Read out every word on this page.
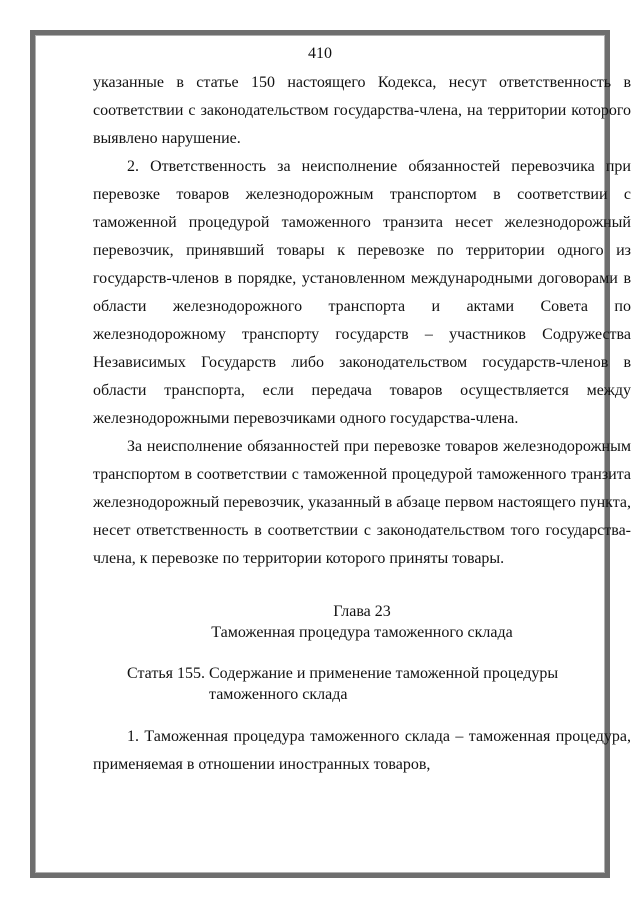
410

указанные в статье 150 настоящего Кодекса, несут ответственность в соответствии с законодательством государства-члена, на территории которого выявлено нарушение.

2. Ответственность за неисполнение обязанностей перевозчика при перевозке товаров железнодорожным транспортом в соответствии с таможенной процедурой таможенного транзита несет железнодорожный перевозчик, принявший товары к перевозке по территории одного из государств-членов в порядке, установленном международными договорами в области железнодорожного транспорта и актами Совета по железнодорожному транспорту государств – участников Содружества Независимых Государств либо законодательством государств-членов в области транспорта, если передача товаров осуществляется между железнодорожными перевозчиками одного государства-члена.

За неисполнение обязанностей при перевозке товаров железнодорожным транспортом в соответствии с таможенной процедурой таможенного транзита железнодорожный перевозчик, указанный в абзаце первом настоящего пункта, несет ответственность в соответствии с законодательством того государства-члена, к перевозке по территории которого приняты товары.

Глава 23
Таможенная процедура таможенного склада
Статья 155. Содержание и применение таможенной процедуры
таможенного склада

1. Таможенная процедура таможенного склада – таможенная процедура, применяемая в отношении иностранных товаров,
